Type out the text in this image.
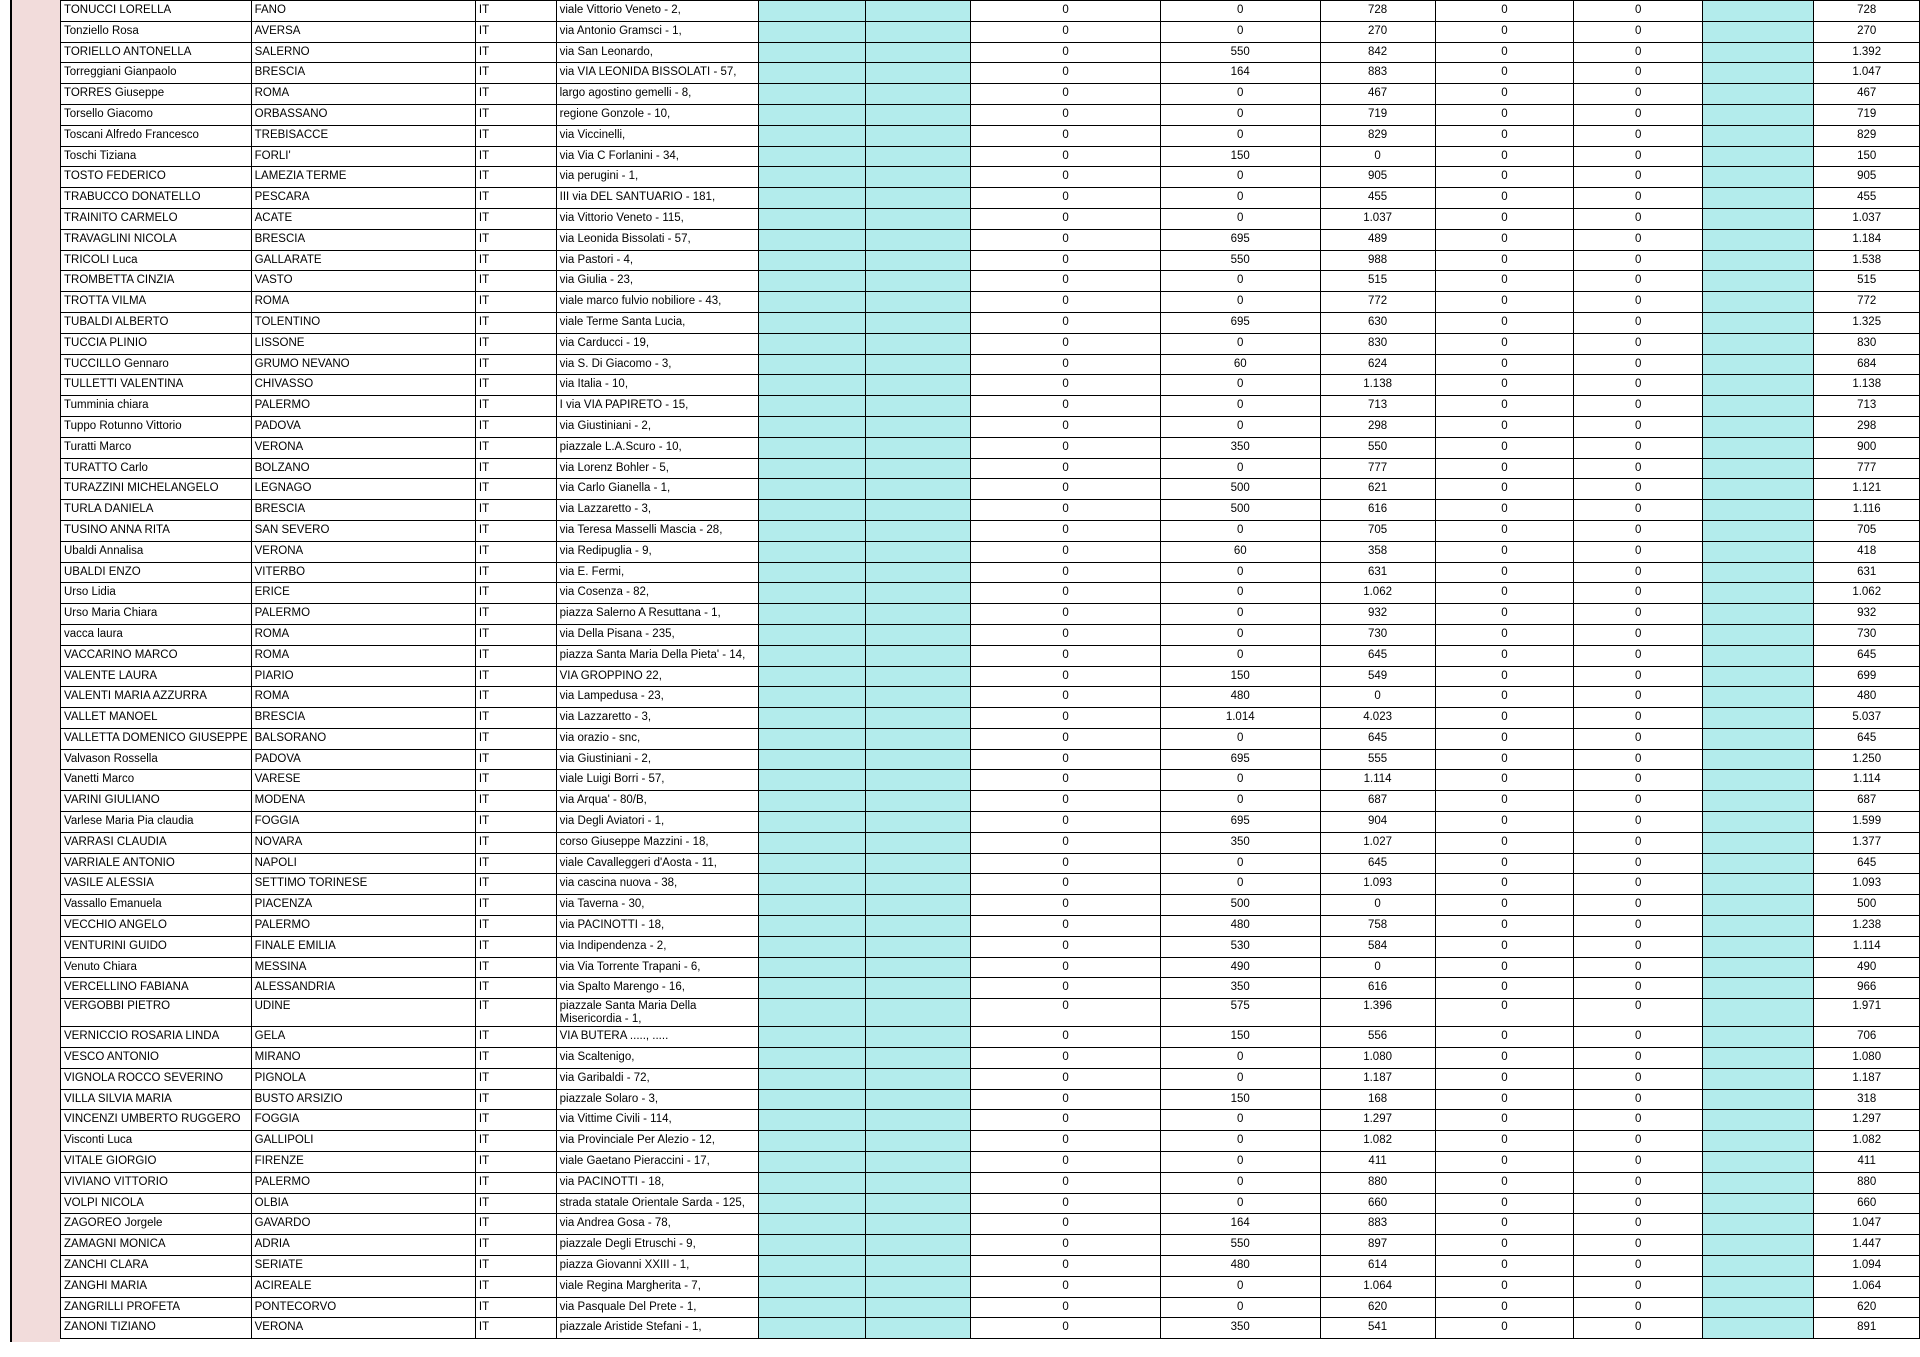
TONUCCI LORELLA	FANO	IT	viale Vittorio Veneto - 2,			0	0	728	0	0		728
Tonziello Rosa	AVERSA	IT	via Antonio Gramsci - 1,			0	0	270	0	0		270
TORIELLO ANTONELLA	SALERNO	IT	via San Leonardo,			0	550	842	0	0		1.392
Torreggiani Gianpaolo	BRESCIA	IT	via VIA LEONIDA BISSOLATI - 57,			0	164	883	0	0		1.047
TORRES Giuseppe	ROMA	IT	largo agostino gemelli - 8,			0	0	467	0	0		467
Torsello Giacomo	ORBASSANO	IT	regione Gonzole - 10,			0	0	719	0	0		719
Toscani Alfredo Francesco	TREBISACCE	IT	via Viccinelli,			0	0	829	0	0		829
Toschi Tiziana	FORLI'	IT	via Via C Forlanini - 34,			0	150	0	0	0		150
TOSTO FEDERICO	LAMEZIA TERME	IT	via perugini - 1,			0	0	905	0	0		905
TRABUCCO DONATELLO	PESCARA	IT	III via DEL SANTUARIO - 181,			0	0	455	0	0		455
TRAINITO CARMELO	ACATE	IT	via Vittorio Veneto - 115,			0	0	1.037	0	0		1.037
TRAVAGLINI NICOLA	BRESCIA	IT	via Leonida Bissolati - 57,			0	695	489	0	0		1.184
TRICOLI Luca	GALLARATE	IT	via Pastori - 4,			0	550	988	0	0		1.538
TROMBETTA CINZIA	VASTO	IT	via Giulia - 23,			0	0	515	0	0		515
TROTTA VILMA	ROMA	IT	viale marco fulvio nobiliore - 43,			0	0	772	0	0		772
TUBALDI ALBERTO	TOLENTINO	IT	viale Terme Santa Lucia,			0	695	630	0	0		1.325
TUCCIA PLINIO	LISSONE	IT	via Carducci - 19,			0	0	830	0	0		830
TUCCILLO Gennaro	GRUMO NEVANO	IT	via S. Di Giacomo - 3,			0	60	624	0	0		684
TULLETTI VALENTINA	CHIVASSO	IT	via Italia - 10,			0	0	1.138	0	0		1.138
Tumminia chiara	PALERMO	IT	I via VIA PAPIRETO - 15,			0	0	713	0	0		713
Tuppo Rotunno Vittorio	PADOVA	IT	via Giustiniani - 2,			0	0	298	0	0		298
Turatti Marco	VERONA	IT	piazzale L.A.Scuro - 10,			0	350	550	0	0		900
TURATTO Carlo	BOLZANO	IT	via Lorenz Bohler - 5,			0	0	777	0	0		777
TURAZZINI MICHELANGELO	LEGNAGO	IT	via Carlo Gianella - 1,			0	500	621	0	0		1.121
TURLA DANIELA	BRESCIA	IT	via Lazzaretto - 3,			0	500	616	0	0		1.116
TUSINO ANNA RITA	SAN SEVERO	IT	via Teresa Masselli Mascia - 28,			0	0	705	0	0		705
Ubaldi Annalisa	VERONA	IT	via Redipuglia - 9,			0	60	358	0	0		418
UBALDI ENZO	VITERBO	IT	via E. Fermi,			0	0	631	0	0		631
Urso Lidia	ERICE	IT	via Cosenza - 82,			0	0	1.062	0	0		1.062
Urso Maria Chiara	PALERMO	IT	piazza Salerno A Resuttana - 1,			0	0	932	0	0		932
vacca laura	ROMA	IT	via Della Pisana - 235,			0	0	730	0	0		730
VACCARINO MARCO	ROMA	IT	piazza Santa Maria Della Pieta' - 14,			0	0	645	0	0		645
VALENTE LAURA	PIARIO	IT	VIA GROPPINO 22,			0	150	549	0	0		699
VALENTI MARIA AZZURRA	ROMA	IT	via Lampedusa - 23,			0	480	0	0	0		480
VALLET MANOEL	BRESCIA	IT	via Lazzaretto - 3,			0	1.014	4.023	0	0		5.037
VALLETTA DOMENICO GIUSEPPE	BALSORANO	IT	via orazio - snc,			0	0	645	0	0		645
Valvason Rossella	PADOVA	IT	via Giustiniani - 2,			0	695	555	0	0		1.250
Vanetti Marco	VARESE	IT	viale Luigi Borri - 57,			0	0	1.114	0	0		1.114
VARINI GIULIANO	MODENA	IT	via Arqua' - 80/B,			0	0	687	0	0		687
Varlese Maria Pia claudia	FOGGIA	IT	via Degli Aviatori - 1,			0	695	904	0	0		1.599
VARRASI CLAUDIA	NOVARA	IT	corso Giuseppe Mazzini - 18,			0	350	1.027	0	0		1.377
VARRIALE ANTONIO	NAPOLI	IT	viale Cavalleggeri d'Aosta - 11,			0	0	645	0	0		645
VASILE ALESSIA	SETTIMO TORINESE	IT	via cascina nuova - 38,			0	0	1.093	0	0		1.093
Vassallo Emanuela	PIACENZA	IT	via Taverna - 30,			0	500	0	0	0		500
VECCHIO ANGELO	PALERMO	IT	via PACINOTTI - 18,			0	480	758	0	0		1.238
VENTURINI GUIDO	FINALE EMILIA	IT	via Indipendenza - 2,			0	530	584	0	0		1.114
Venuto Chiara	MESSINA	IT	via Via Torrente Trapani - 6,			0	490	0	0	0		490
VERCELLINO FABIANA	ALESSANDRIA	IT	via Spalto Marengo - 16,			0	350	616	0	0		966
VERGOBBI PIETRO	UDINE	IT	piazzale Santa Maria Della Misericordia - 1,			0	575	1.396	0	0		1.971
VERNICCIO ROSARIA LINDA	GELA	IT	VIA BUTERA ....., .....			0	150	556	0	0		706
VESCO ANTONIO	MIRANO	IT	via Scaltenigo,			0	0	1.080	0	0		1.080
VIGNOLA ROCCO SEVERINO	PIGNOLA	IT	via Garibaldi - 72,			0	0	1.187	0	0		1.187
VILLA SILVIA MARIA	BUSTO ARSIZIO	IT	piazzale Solaro - 3,			0	150	168	0	0		318
VINCENZI UMBERTO RUGGERO	FOGGIA	IT	via Vittime Civili - 114,			0	0	1.297	0	0		1.297
Visconti Luca	GALLIPOLI	IT	via Provinciale Per Alezio - 12,			0	0	1.082	0	0		1.082
VITALE GIORGIO	FIRENZE	IT	viale Gaetano Pieraccini - 17,			0	0	411	0	0		411
VIVIANO VITTORIO	PALERMO	IT	via PACINOTTI - 18,			0	0	880	0	0		880
VOLPI NICOLA	OLBIA	IT	strada statale Orientale Sarda - 125,			0	0	660	0	0		660
ZAGOREO Jorgele	GAVARDO	IT	via Andrea Gosa - 78,			0	164	883	0	0		1.047
ZAMAGNI MONICA	ADRIA	IT	piazzale Degli Etruschi - 9,			0	550	897	0	0		1.447
ZANCHI CLARA	SERIATE	IT	piazza Giovanni XXIII - 1,			0	480	614	0	0		1.094
ZANGHI MARIA	ACIREALE	IT	viale Regina Margherita - 7,			0	0	1.064	0	0		1.064
ZANGRILLI PROFETA	PONTECORVO	IT	via Pasquale Del Prete - 1,			0	0	620	0	0		620
ZANONI TIZIANO	VERONA	IT	piazzale Aristide Stefani - 1,			0	350	541	0	0		891
